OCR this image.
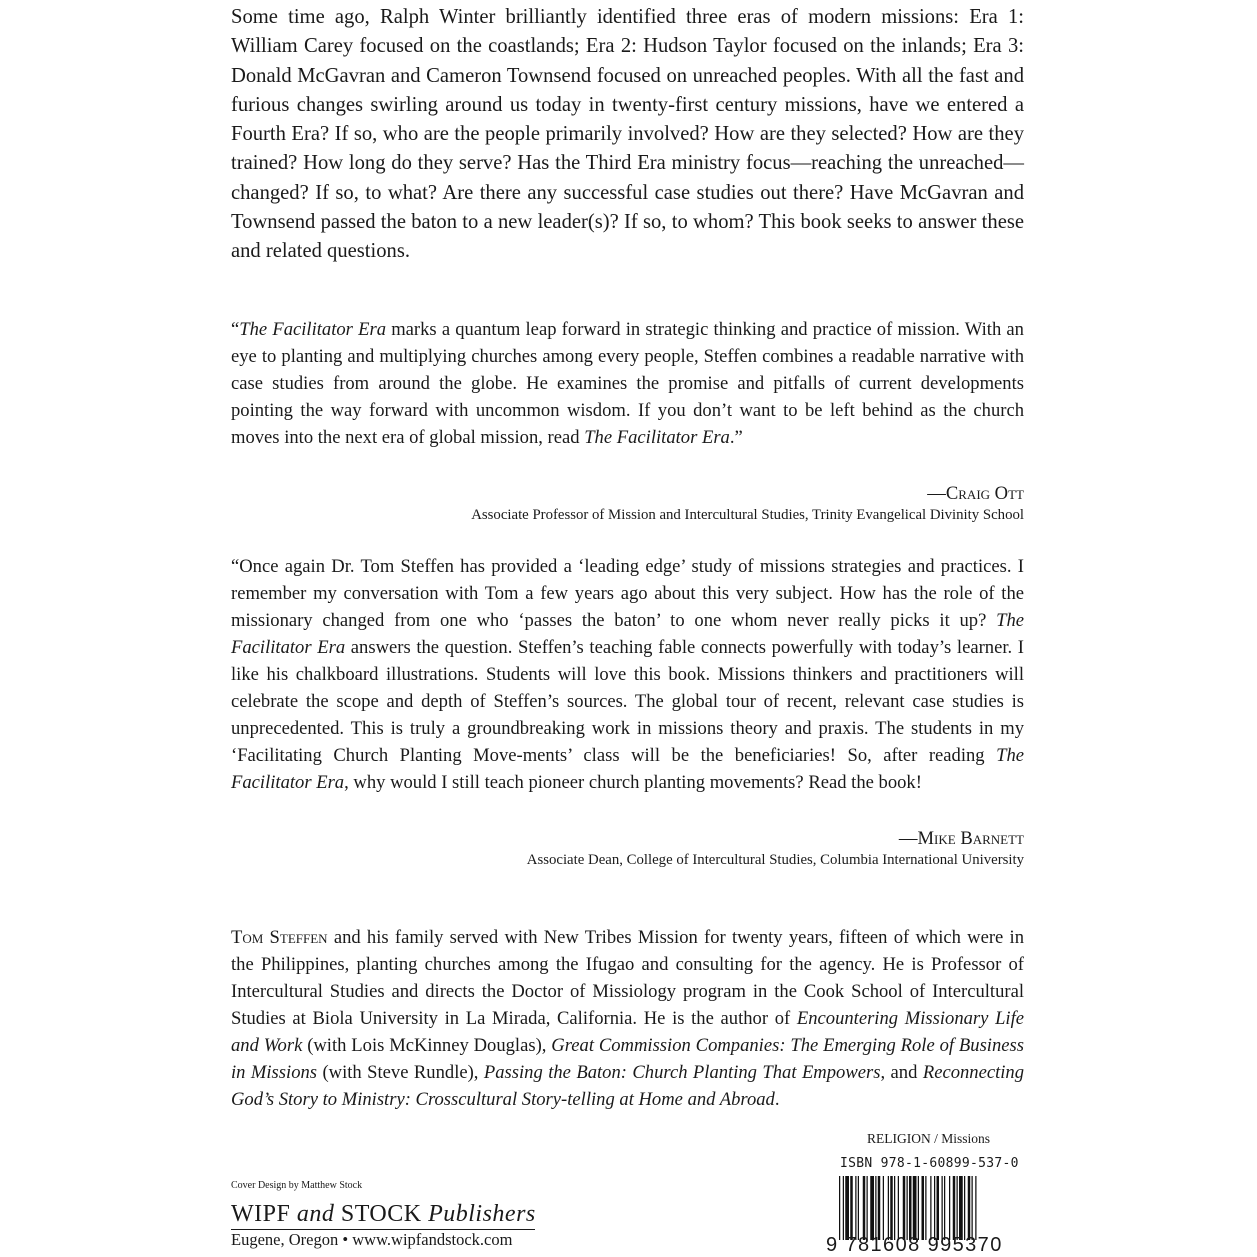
Some time ago, Ralph Winter brilliantly identified three eras of modern missions: Era 1: William Carey focused on the coastlands; Era 2: Hudson Taylor focused on the inlands; Era 3: Donald McGavran and Cameron Townsend focused on unreached peoples. With all the fast and furious changes swirling around us today in twenty-first century missions, have we entered a Fourth Era? If so, who are the people primarily involved? How are they selected? How are they trained? How long do they serve? Has the Third Era ministry focus—reaching the unreached—changed? If so, to what? Are there any successful case studies out there? Have McGavran and Townsend passed the baton to a new leader(s)? If so, to whom? This book seeks to answer these and related questions.

“The Facilitator Era marks a quantum leap forward in strategic thinking and practice of mission. With an eye to planting and multiplying churches among every people, Steffen combines a readable narrative with case studies from around the globe. He examines the promise and pitfalls of current developments pointing the way forward with uncommon wisdom. If you don’t want to be left behind as the church moves into the next era of global mission, read The Facilitator Era.”

—Craig Ott
Associate Professor of Mission and Intercultural Studies, Trinity Evangelical Divinity School

“Once again Dr. Tom Steffen has provided a ‘leading edge’ study of missions strategies and practices. I remember my conversation with Tom a few years ago about this very subject. How has the role of the missionary changed from one who ‘passes the baton’ to one whom never really picks it up? The Facilitator Era answers the question. Steffen’s teaching fable connects powerfully with today’s learner. I like his chalkboard illustrations. Students will love this book. Missions thinkers and practitioners will celebrate the scope and depth of Steffen’s sources. The global tour of recent, relevant case studies is unprecedented. This is truly a groundbreaking work in missions theory and praxis. The students in my ‘Facilitating Church Planting Move-ments’ class will be the beneficiaries! So, after reading The Facilitator Era, why would I still teach pioneer church planting movements? Read the book!

—Mike Barnett
Associate Dean, College of Intercultural Studies, Columbia International University

Tom Steffen and his family served with New Tribes Mission for twenty years, fifteen of which were in the Philippines, planting churches among the Ifugao and consulting for the agency. He is Professor of Intercultural Studies and directs the Doctor of Missiology program in the Cook School of Intercultural Studies at Biola University in La Mirada, California. He is the author of Encountering Missionary Life and Work (with Lois McKinney Douglas), Great Commission Companies: The Emerging Role of Business in Missions (with Steve Rundle), Passing the Baton: Church Planting That Empowers, and Reconnecting God’s Story to Ministry: Crosscultural Story-telling at Home and Abroad.

RELIGION / Missions
Cover Design by Matthew Stock
WIPF and STOCK Publishers
Eugene, Oregon • www.wipfandstock.com
ISBN 978-1-60899-537-0
9 781608 995370
